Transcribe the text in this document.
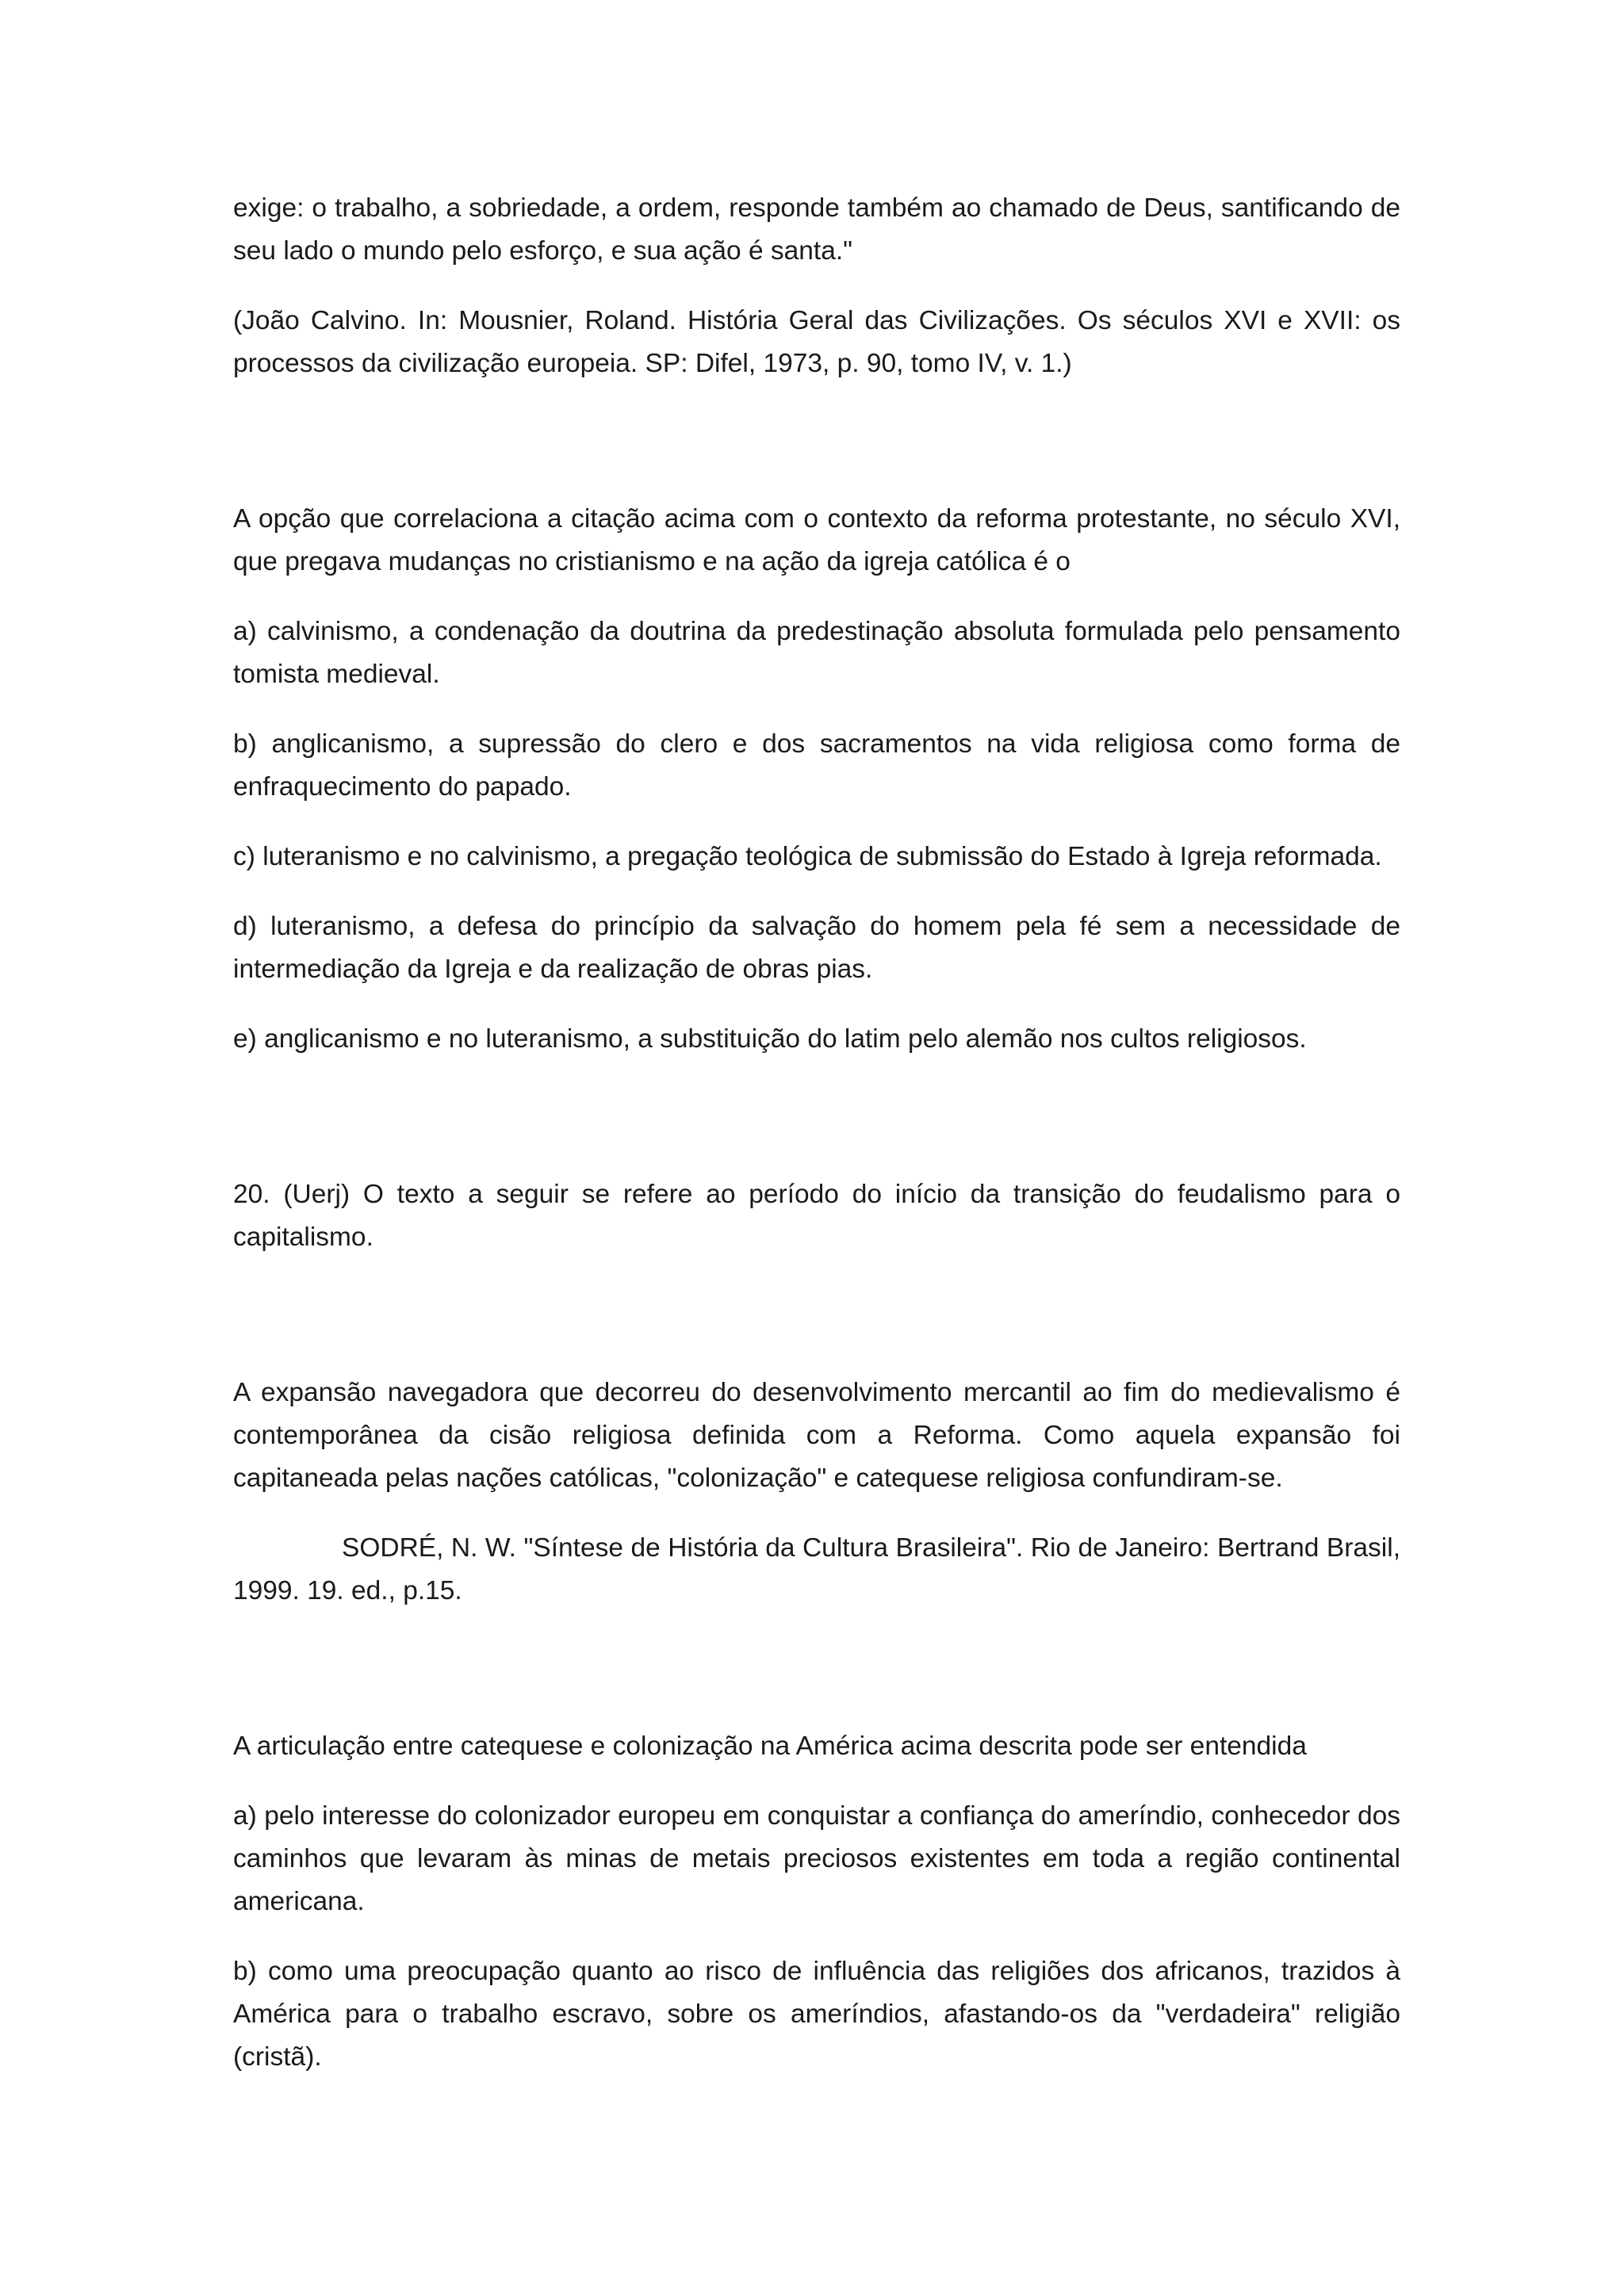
exige: o trabalho, a sobriedade, a ordem, responde também ao chamado de Deus, santificando de seu lado o mundo pelo esforço, e sua ação é santa."

(João Calvino. In: Mousnier, Roland. História Geral das Civilizações. Os séculos XVI e XVII: os processos da civilização europeia. SP: Difel, 1973, p. 90, tomo IV, v. 1.)

A opção que correlaciona a citação acima com o contexto da reforma protestante, no século XVI, que pregava mudanças no cristianismo e na ação da igreja católica é o

a) calvinismo, a condenação da doutrina da predestinação absoluta formulada pelo pensamento tomista medieval.

b) anglicanismo, a supressão do clero e dos sacramentos na vida religiosa como forma de enfraquecimento do papado.

c) luteranismo e no calvinismo, a pregação teológica de submissão do Estado à Igreja reformada.

d) luteranismo, a defesa do princípio da salvação do homem pela fé sem a necessidade de intermediação da Igreja e da realização de obras pias.

e) anglicanismo e no luteranismo, a substituição do latim pelo alemão nos cultos religiosos.

20. (Uerj) O texto a seguir se refere ao período do início da transição do feudalismo para o capitalismo.

A expansão navegadora que decorreu do desenvolvimento mercantil ao fim do medievalismo é contemporânea da cisão religiosa definida com a Reforma. Como aquela expansão foi capitaneada pelas nações católicas, "colonização" e catequese religiosa confundiram-se.

SODRÉ, N. W. "Síntese de História da Cultura Brasileira". Rio de Janeiro: Bertrand Brasil, 1999. 19. ed., p.15.

A articulação entre catequese e colonização na América acima descrita pode ser entendida

a) pelo interesse do colonizador europeu em conquistar a confiança do ameríndio, conhecedor dos caminhos que levaram às minas de metais preciosos existentes em toda a região continental americana.

b) como uma preocupação quanto ao risco de influência das religiões dos africanos, trazidos à América para o trabalho escravo, sobre os ameríndios, afastando-os da "verdadeira" religião (cristã).
